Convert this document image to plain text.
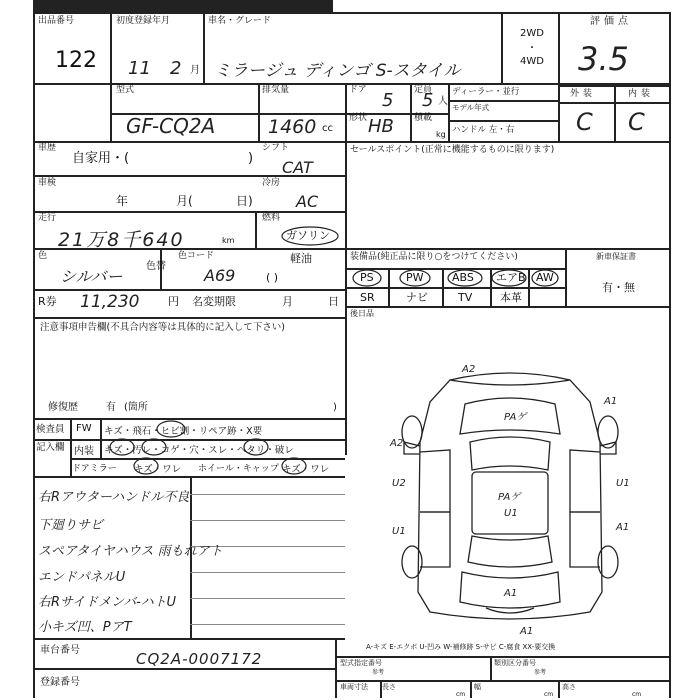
出品番号
122
初度登録年月
11 2 月
車名・グレード
ミラージュ ディンゴ S-スタイル
2WD
・
4WD
評価点
3.5
型式
GF-CQ2A
排気量
1460 cc
ドア 5 定員
5 人
形状 HB 積載
kg
ディーラー・並行
モデル年式
ハンドル 左・右
外装	内装
C C
車歴
自家用・(	)
車検
年	月(	日)
走行
21万8千640	km
色
シルバー
色替
色コード
A69
R券 11,230	円 名変期限	月	日
シフト
CAT
冷房
AC
燃料
ガソリン
軽油
( )
セールスポイント(正常に機能するものに限ります)
装備品(純正品に限り○をつけてください)
PS	PW	ABS エアB AW
SR	ナビ	TV	本革
新車保証書
有・無
後日品
注意事項申告欄(不具合内容等は具体的に記入して下さい)
修復歴	有 (箇所	)
検査員
記入欄
FW キズ・飛石・ヒビ割・リペア跡・X要
内装 キズ・汚レ・コゲ・穴・スレ・ヘタリ・破レ
ドアミラー キズ・ワレ ホイール・キャップ キズ・ワレ
右Rアウターハンドル不良
下廻りサビ
スペアタイヤハウス 雨もれアト
エンドパネルU
右Rサイドメンバ-ハトU
小キズ凹、PアT
A2
A1
PAゲ
A2
U2
U1
PAゲ
U1
U1
A1
A1
A1
A-キズ E-エクボ U-凹み W-補修跡 S-サビ C-腐食 XX-要交換
車台番号	CQ2A-0007172
登録番号
型式指定番号
参考
類別区分番号
参考
車両寸法 長さ	幅	高さ
cm	cm	cm
